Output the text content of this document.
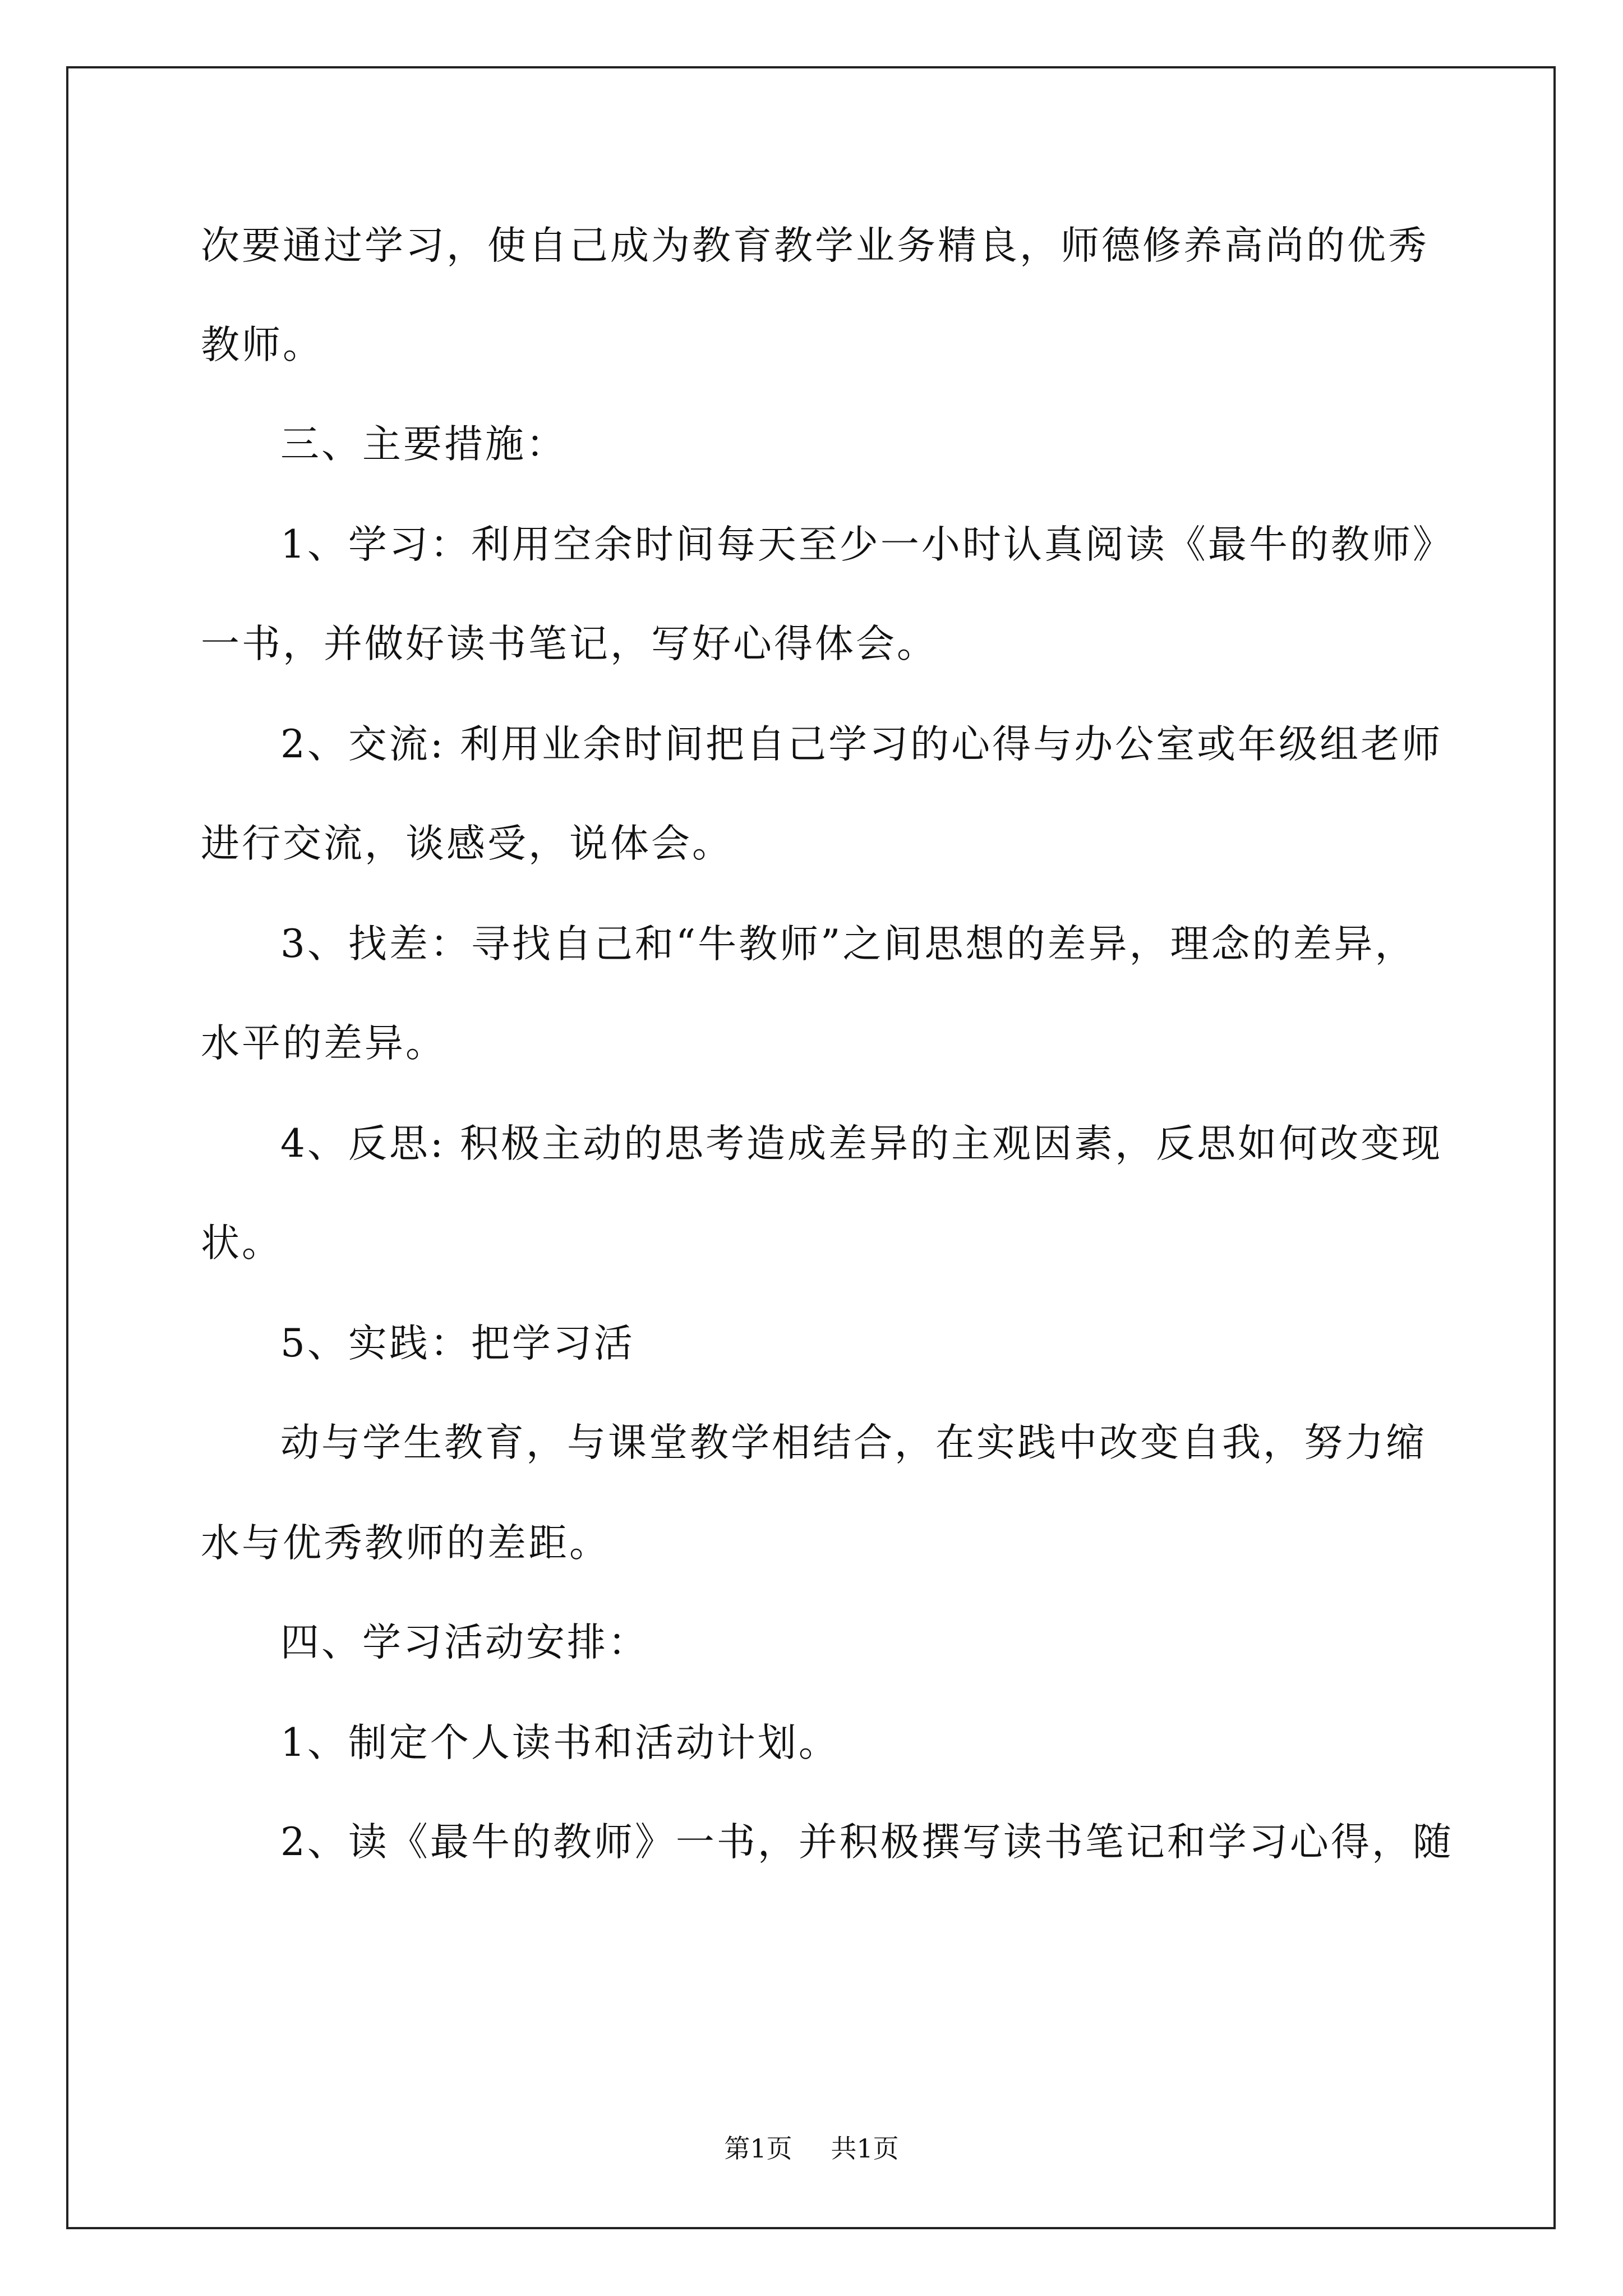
次要通过学习，使自己成为教育教学业务精良，师德修养高尚的优秀
教师。
三、主要措施：
1、学习：利用空余时间每天至少一小时认真阅读《最牛的教师》
一书，并做好读书笔记，写好心得体会。
2、交流: 利用业余时间把自己学习的心得与办公室或年级组老师
进行交流，谈感受，说体会。
3、找差：寻找自己和“牛教师”之间思想的差异，理念的差异，
水平的差异。
4、反思: 积极主动的思考造成差异的主观因素，反思如何改变现
状。
5、实践：把学习活
动与学生教育，与课堂教学相结合，在实践中改变自我，努力缩
水与优秀教师的差距。
四、学习活动安排：
1、制定个人读书和活动计划。
2、读《最牛的教师》一书，并积极撰写读书笔记和学习心得，随
第1页 共1页
